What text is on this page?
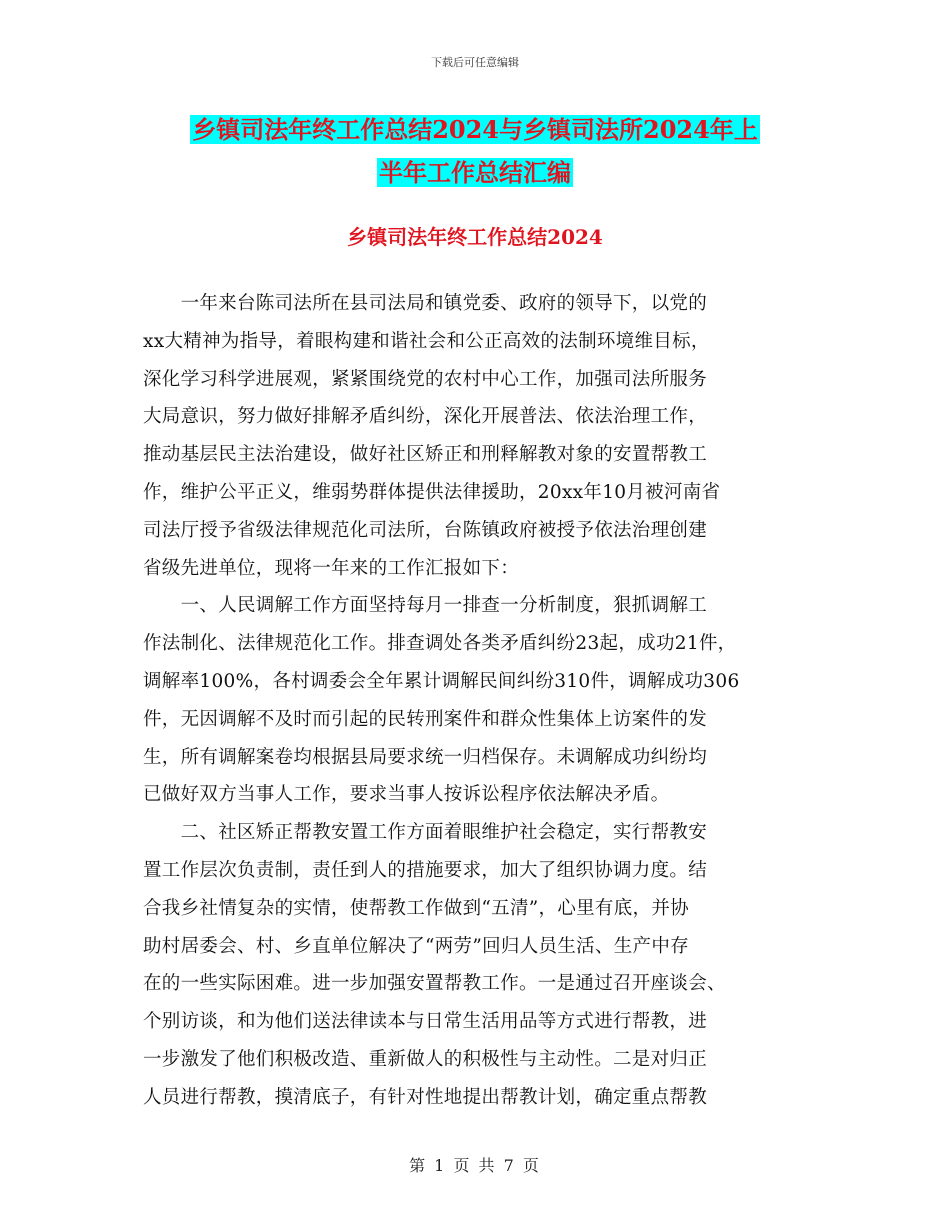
下载后可任意编辑
乡镇司法年终工作总结2024与乡镇司法所2024年上
半年工作总结汇编
乡镇司法年终工作总结2024
　　一年来台陈司法所在县司法局和镇党委、政府的领导下，以党的
xx大精神为指导，着眼构建和谐社会和公正高效的法制环境维目标，
深化学习科学进展观，紧紧围绕党的农村中心工作，加强司法所服务
大局意识，努力做好排解矛盾纠纷，深化开展普法、依法治理工作，
推动基层民主法治建设，做好社区矫正和刑释解教对象的安置帮教工
作，维护公平正义，维弱势群体提供法律援助，20xx年10月被河南省
司法厅授予省级法律规范化司法所，台陈镇政府被授予依法治理创建
省级先进单位，现将一年来的工作汇报如下：
　　一、人民调解工作方面坚持每月一排查一分析制度，狠抓调解工
作法制化、法律规范化工作。排查调处各类矛盾纠纷23起，成功21件，
调解率100%，各村调委会全年累计调解民间纠纷310件，调解成功306
件，无因调解不及时而引起的民转刑案件和群众性集体上访案件的发
生，所有调解案卷均根据县局要求统一归档保存。未调解成功纠纷均
已做好双方当事人工作，要求当事人按诉讼程序依法解决矛盾。
　　二、社区矫正帮教安置工作方面着眼维护社会稳定，实行帮教安
置工作层次负责制，责任到人的措施要求，加大了组织协调力度。结
合我乡社情复杂的实情，使帮教工作做到“五清”，心里有底，并协
助村居委会、村、乡直单位解决了“两劳”回归人员生活、生产中存
在的一些实际困难。进一步加强安置帮教工作。一是通过召开座谈会、
个别访谈，和为他们送法律读本与日常生活用品等方式进行帮教，进
一步激发了他们积极改造、重新做人的积极性与主动性。二是对归正
人员进行帮教，摸清底子，有针对性地提出帮教计划，确定重点帮教
第 1 页 共 7 页
